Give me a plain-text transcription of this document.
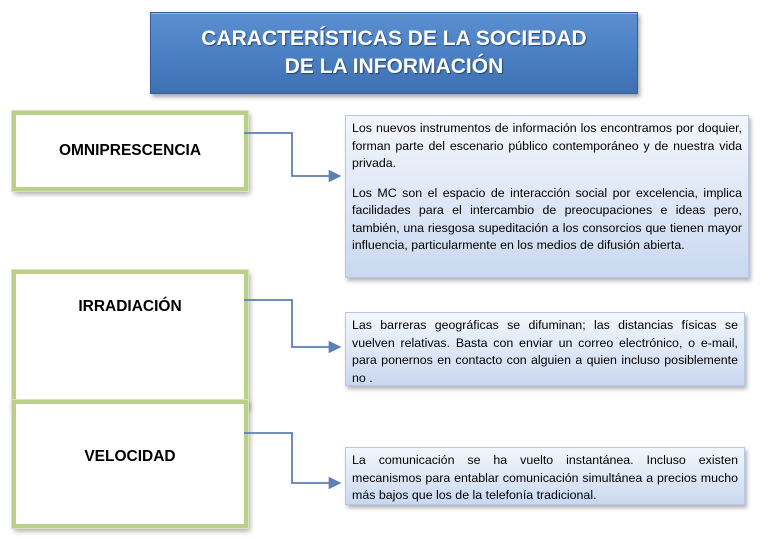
CARACTERÍSTICAS DE LA SOCIEDAD
DE LA INFORMACIÓN
OMNIPRESCENCIA
IRRADIACIÓN
VELOCIDAD

Los nuevos instrumentos de información los encontramos por doquier, forman parte del escenario público contemporáneo y de nuestra vida privada.

Los MC son el espacio de interacción social por excelencia, implica facilidades para el intercambio de preocupaciones e ideas pero, también, una riesgosa supeditación a los consorcios que tienen mayor influencia, particularmente en los medios de difusión abierta.

Las barreras geográficas se difuminan; las distancias físicas se vuelven relativas. Basta con enviar un correo electrónico, o e-mail, para ponernos en contacto con alguien a quien incluso posiblemente no .

La comunicación se ha vuelto instantánea. Incluso existen mecanismos para entablar comunicación simultánea a precios mucho más bajos que los de la telefonía tradicional.
